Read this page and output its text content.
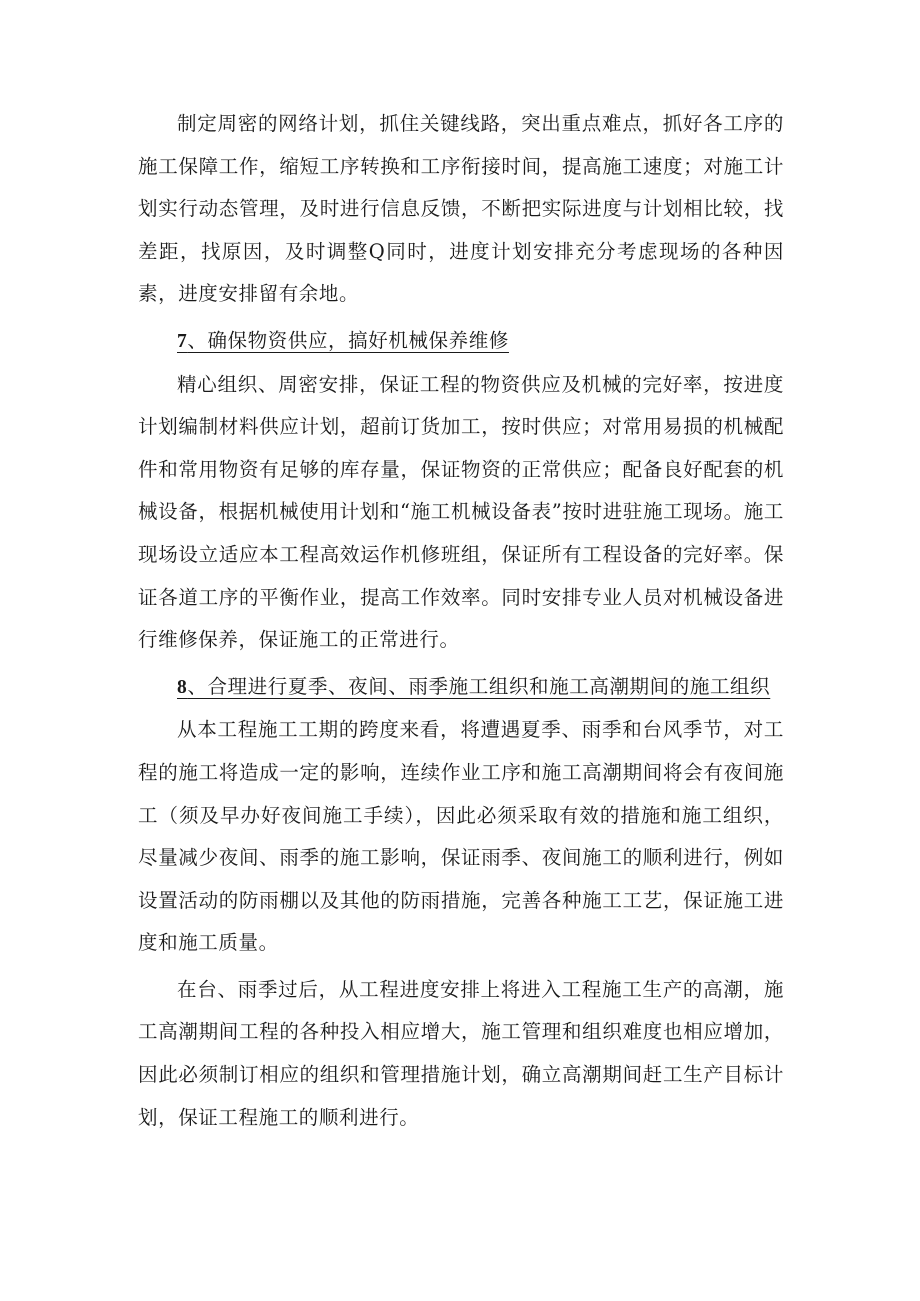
制定周密的网络计划，抓住关键线路，突出重点难点，抓好各工序的施工保障工作，缩短工序转换和工序衔接时间，提高施工速度；对施工计划实行动态管理，及时进行信息反馈，不断把实际进度与计划相比较，找差距，找原因，及时调整Q同时，进度计划安排充分考虑现场的各种因素，进度安排留有余地。

7、确保物资供应，搞好机械保养维修

精心组织、周密安排，保证工程的物资供应及机械的完好率，按进度计划编制材料供应计划，超前订货加工，按时供应；对常用易损的机械配件和常用物资有足够的库存量，保证物资的正常供应；配备良好配套的机械设备，根据机械使用计划和“施工机械设备表”按时进驻施工现场。施工现场设立适应本工程高效运作机修班组，保证所有工程设备的完好率。保证各道工序的平衡作业，提高工作效率。同时安排专业人员对机械设备进行维修保养，保证施工的正常进行。

8、合理进行夏季、夜间、雨季施工组织和施工高潮期间的施工组织

从本工程施工工期的跨度来看，将遭遇夏季、雨季和台风季节，对工程的施工将造成一定的影响，连续作业工序和施工高潮期间将会有夜间施工（须及早办好夜间施工手续），因此必须采取有效的措施和施工组织，尽量减少夜间、雨季的施工影响，保证雨季、夜间施工的顺利进行，例如设置活动的防雨棚以及其他的防雨措施，完善各种施工工艺，保证施工进度和施工质量。

在台、雨季过后，从工程进度安排上将进入工程施工生产的高潮，施工高潮期间工程的各种投入相应增大，施工管理和组织难度也相应增加，因此必须制订相应的组织和管理措施计划，确立高潮期间赶工生产目标计划，保证工程施工的顺利进行。
